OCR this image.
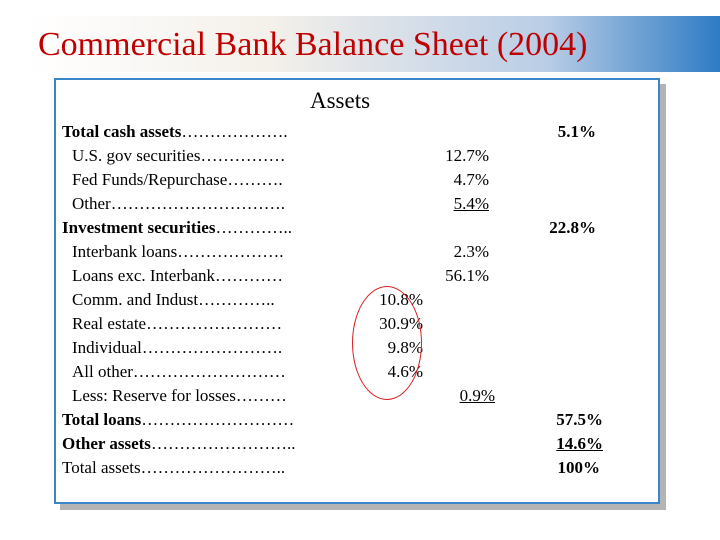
Commercial Bank Balance Sheet (2004)
Assets
Total cash assets……………….	5.1%
U.S. gov securities……………	12.7%
Fed Funds/Repurchase……….	4.7%
Other………………………….	5.4%
Investment securities…………..	22.8%
Interbank loans……………….	2.3%
Loans exc. Interbank…………	56.1%
Comm. and Indust…………..	10.8%
Real estate……………………	30.9%
Individual…………………….	9.8%
All other………………………	4.6%
Less: Reserve for losses………	0.9%
Total loans………………………	57.5%
Other assets……………………..	14.6%
Total assets……………………..	100%
